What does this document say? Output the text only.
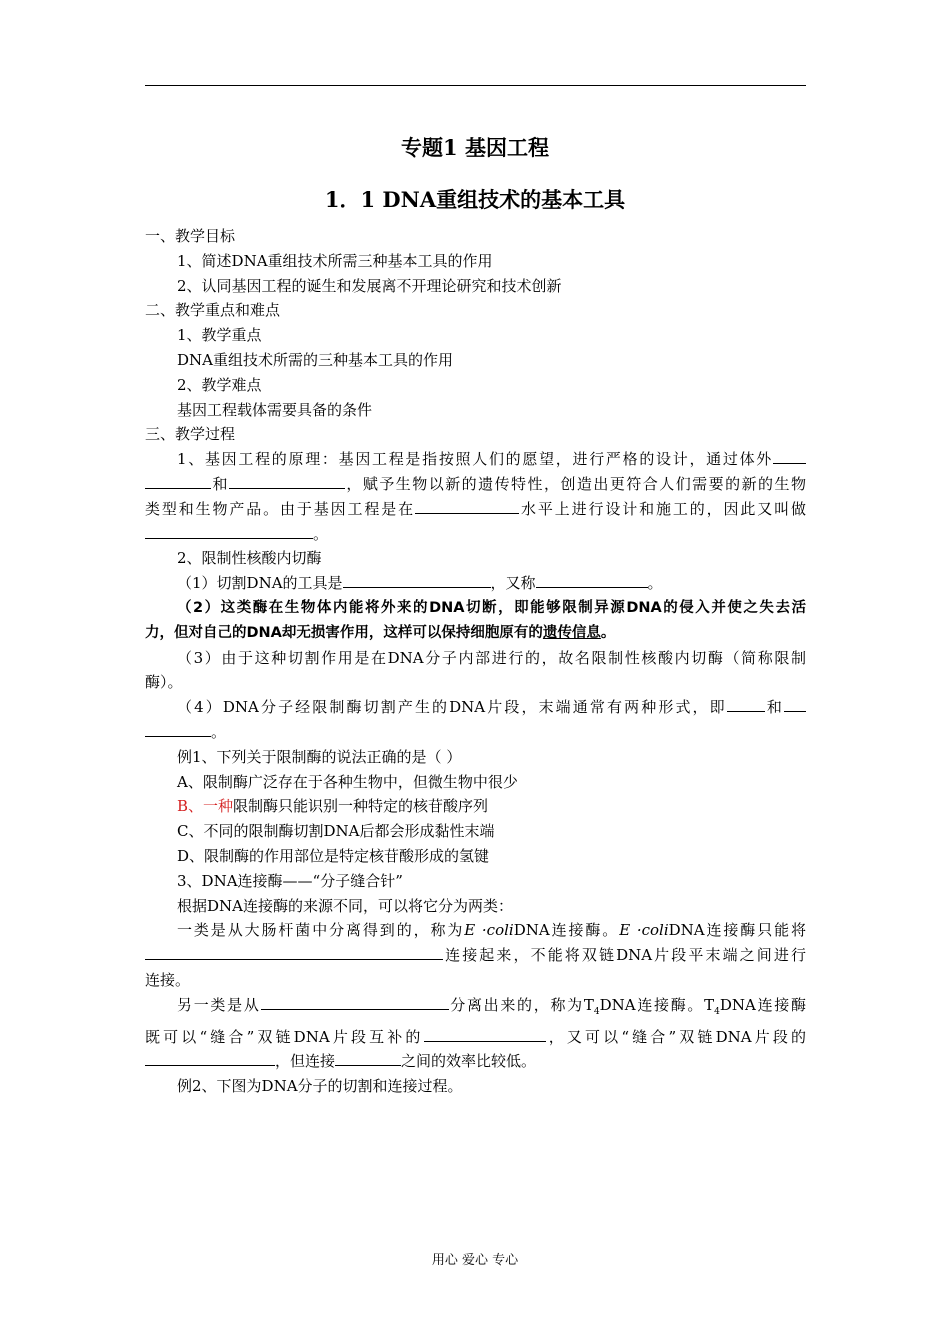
专题1 基因工程
1．1 DNA重组技术的基本工具

一、教学目标

1、简述DNA重组技术所需三种基本工具的作用

2、认同基因工程的诞生和发展离不开理论研究和技术创新

二、教学重点和难点

1、教学重点

DNA重组技术所需的三种基本工具的作用

2、教学难点

基因工程载体需要具备的条件

三、教学过程

1、基因工程的原理：基因工程是指按照人们的愿望，进行严格的设计，通过体外

和	，赋予生物以新的遗传特性，创造出更符合人们需要的新的生物

类型和生物产品。由于基因工程是在	水平上进行设计和施工的，因此又叫做

。

2、限制性核酸内切酶

（1）切割DNA的工具是	，又称	。

（2）这类酶在生物体内能将外来的DNA切断，即能够限制异源DNA的侵入并使之失去活

力，但对自己的DNA却无损害作用，这样可以保持细胞原有的遗传信息。

（3）由于这种切割作用是在DNA分子内部进行的，故名限制性核酸内切酶（简称限制

酶）。

（4）DNA分子经限制酶切割产生的DNA片段，末端通常有两种形式，即	和

。

例1、下列关于限制酶的说法正确的是（ ）

A、限制酶广泛存在于各种生物中，但微生物中很少

B、一种限制酶只能识别一种特定的核苷酸序列

C、不同的限制酶切割DNA后都会形成黏性末端

D、限制酶的作用部位是特定核苷酸形成的氢键

3、DNA连接酶——“分子缝合针”

根据DNA连接酶的来源不同，可以将它分为两类：

一类是从大肠杆菌中分离得到的，称为E ·coliDNA连接酶。E ·coliDNA连接酶只能将

连接起来，不能将双链DNA片段平末端之间进行

连接。

另一类是从	分离出来的，称为$T_4DNA$连接酶。$T_4DNA$连接酶

既可以“缝合”双链DNA片段互补的	，又可以“缝合”双链DNA片段的

，但连接	之间的效率比较低。

例2、下图为DNA分子的切割和连接过程。

用心 爱心 专心
